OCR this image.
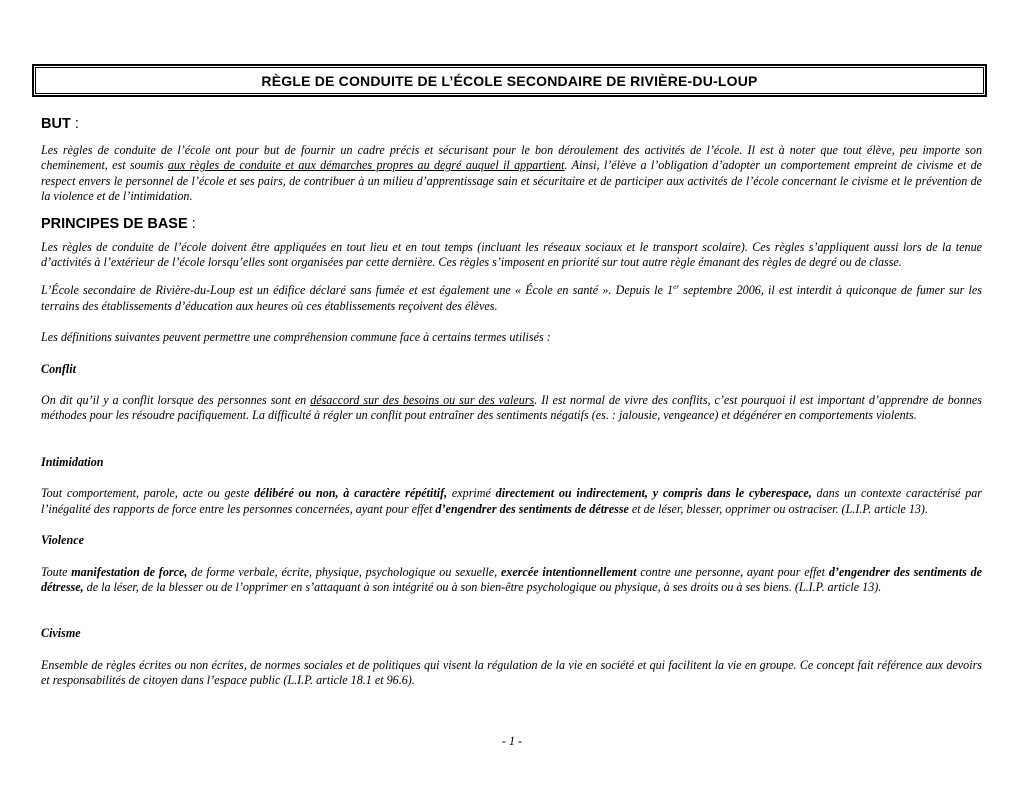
RÈGLE DE CONDUITE DE L’ÉCOLE SECONDAIRE DE RIVIÈRE-DU-LOUP
BUT :

Les règles de conduite de l’école ont pour but de fournir un cadre précis et sécurisant pour le bon déroulement des activités de l’école. Il est à noter que tout élève, peu importe son cheminement, est soumis aux règles de conduite et aux démarches propres au degré auquel il appartient. Ainsi, l’élève a l’obligation d’adopter un comportement empreint de civisme et de respect envers le personnel de l’école et ses pairs, de contribuer à un milieu d’apprentissage sain et sécuritaire et de participer aux activités de l’école concernant le civisme et le prévention de la violence et de l’intimidation.

PRINCIPES DE BASE :

Les règles de conduite de l’école doivent être appliquées en tout lieu et en tout temps (incluant les réseaux sociaux et le transport scolaire). Ces règles s’appliquent aussi lors de la tenue d’activités à l’extérieur de l’école lorsqu’elles sont organisées par cette dernière. Ces règles s’imposent en priorité sur tout autre règle émanant des règles de degré ou de classe.

L’École secondaire de Rivière-du-Loup est un édifice déclaré sans fumée et est également une « École en santé ». Depuis le 1er septembre 2006, il est interdit à quiconque de fumer sur les terrains des établissements d’éducation aux heures où ces établissements reçoivent des élèves.

Les définitions suivantes peuvent permettre une compréhension commune face à certains termes utilisés :

Conflit

On dit qu’il y a conflit lorsque des personnes sont en désaccord sur des besoins ou sur des valeurs. Il est normal de vivre des conflits, c’est pourquoi il est important d’apprendre de bonnes méthodes pour les résoudre pacifiquement. La difficulté à régler un conflit pout entraîner des sentiments négatifs (es. : jalousie, vengeance) et dégénérer en comportements violents.

Intimidation

Tout comportement, parole, acte ou geste délibéré ou non, à caractère répétitif, exprimé directement ou indirectement, y compris dans le cyberespace, dans un contexte caractérisé par l’inégalité des rapports de force entre les personnes concernées, ayant pour effet d’engendrer des sentiments de détresse et de léser, blesser, opprimer ou ostraciser. (L.I.P. article 13).

Violence

Toute manifestation de force, de forme verbale, écrite, physique, psychologique ou sexuelle, exercée intentionnellement contre une personne, ayant pour effet d’engendrer des sentiments de détresse, de la léser, de la blesser ou de l’opprimer en s’attaquant à son intégrité ou à son bien-être psychologique ou physique, à ses droits ou à ses biens. (L.I.P. article 13).

Civisme

Ensemble de règles écrites ou non écrites, de normes sociales et de politiques qui visent la régulation de la vie en société et qui facilitent la vie en groupe. Ce concept fait référence aux devoirs et responsabilités de citoyen dans l’espace public (L.I.P. article 18.1 et 96.6).

- 1 -
